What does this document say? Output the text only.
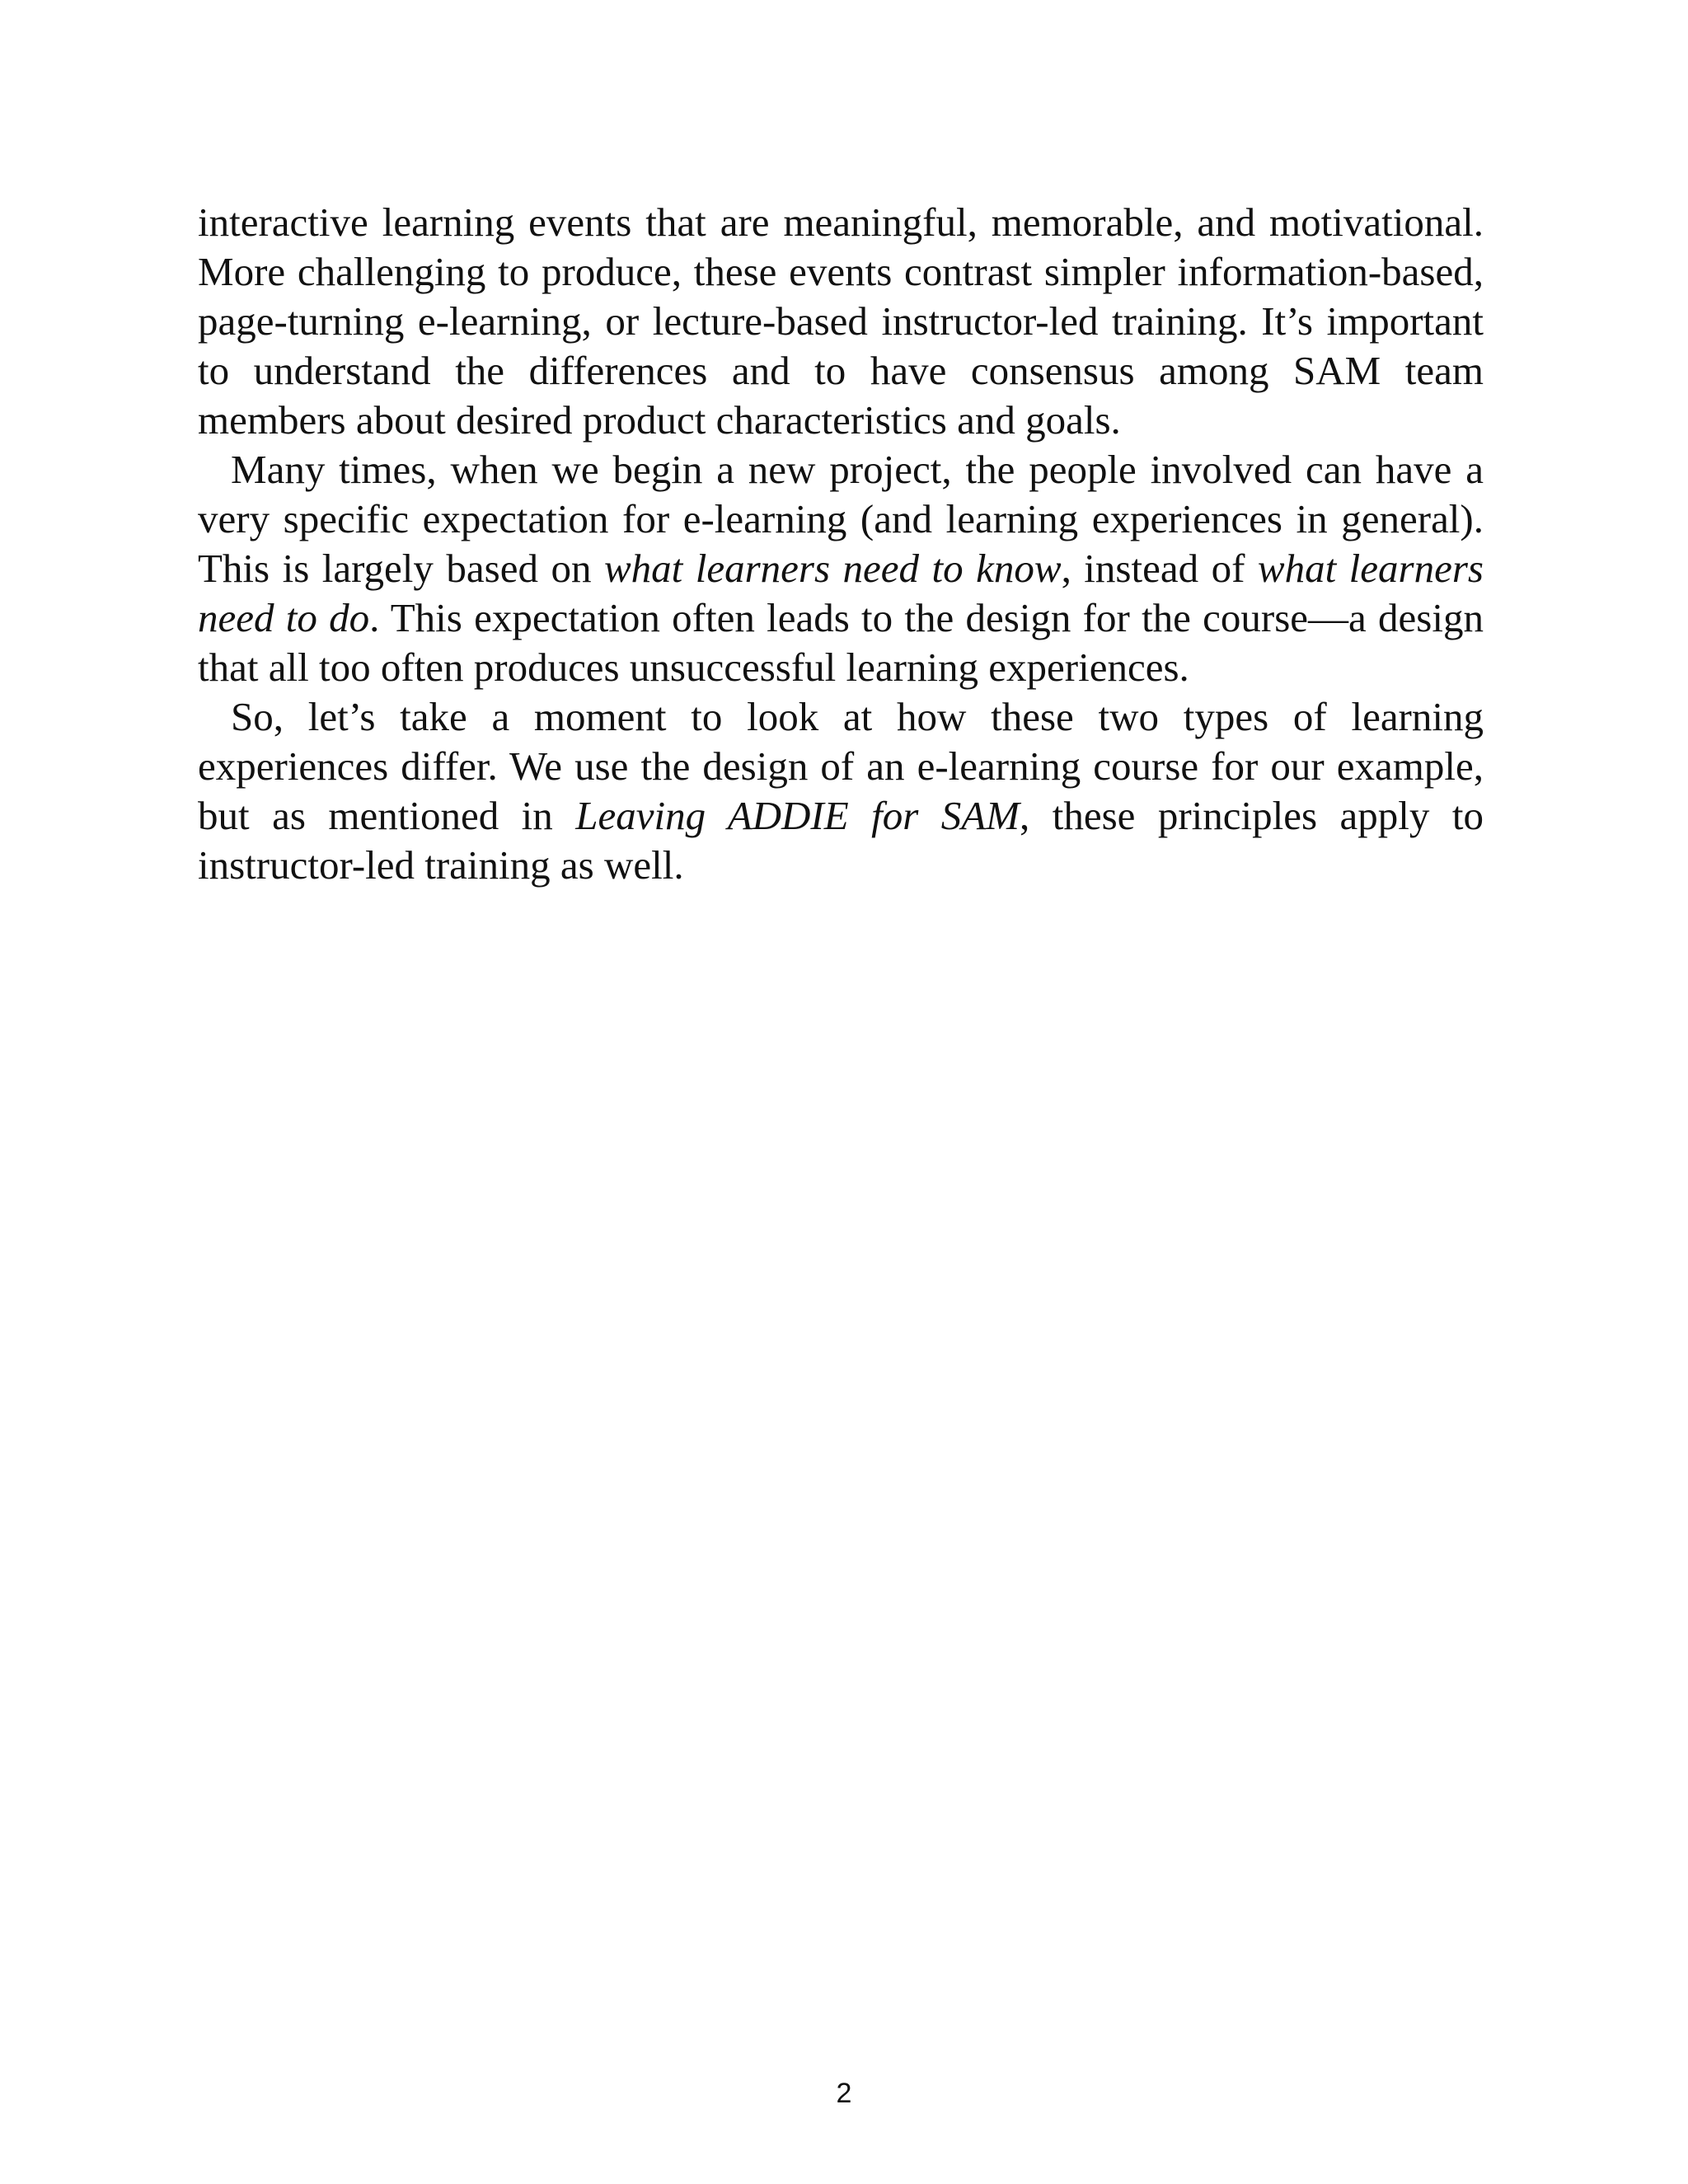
interactive learning events that are meaningful, memorable, and motivational. More challenging to produce, these events contrast simpler information-based, page-turning e-learning, or lecture-based instructor-led training. It’s important to understand the differences and to have consensus among SAM team members about desired product characteristics and goals.

Many times, when we begin a new project, the people involved can have a very specific expectation for e-learning (and learning experiences in general). This is largely based on what learners need to know, instead of what learners need to do. This expectation often leads to the design for the course—a design that all too often produces unsuccessful learning experiences.

So, let’s take a moment to look at how these two types of learning experiences differ. We use the design of an e-learning course for our example, but as mentioned in Leaving ADDIE for SAM, these principles apply to instructor-led training as well.

2
